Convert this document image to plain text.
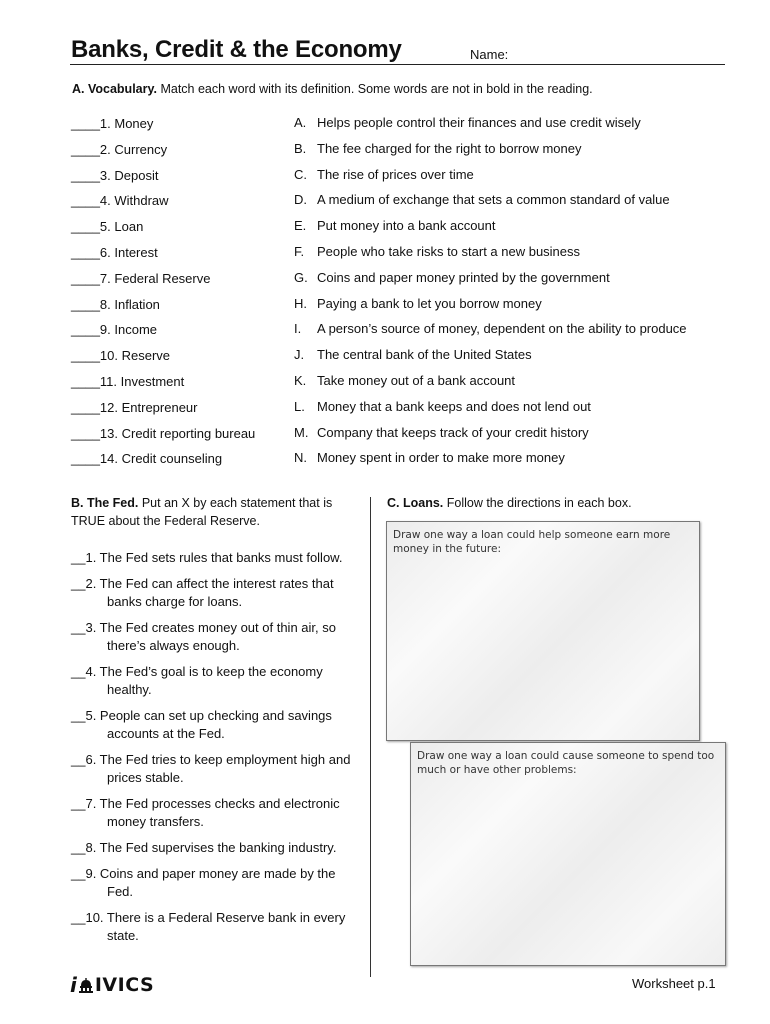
Banks, Credit & the Economy	Name:
A. Vocabulary. Match each word with its definition. Some words are not in bold in the reading.
____1. Money
____2. Currency
____3. Deposit
____4. Withdraw
____5. Loan
____6. Interest
____7. Federal Reserve
____8. Inflation
____9. Income
____10. Reserve
____11. Investment
____12. Entrepreneur
____13. Credit reporting bureau
____14. Credit counseling
A. Helps people control their finances and use credit wisely
B. The fee charged for the right to borrow money
C. The rise of prices over time
D. A medium of exchange that sets a common standard of value
E. Put money into a bank account
F. People who take risks to start a new business
G. Coins and paper money printed by the government
H. Paying a bank to let you borrow money
I. A person’s source of money, dependent on the ability to produce
J. The central bank of the United States
K. Take money out of a bank account
L. Money that a bank keeps and does not lend out
M. Company that keeps track of your credit history
N. Money spent in order to make more money
B. The Fed. Put an X by each statement that is TRUE about the Federal Reserve.
__1. The Fed sets rules that banks must follow.
__2. The Fed can affect the interest rates that banks charge for loans.
__3. The Fed creates money out of thin air, so there’s always enough.
__4. The Fed’s goal is to keep the economy healthy.
__5. People can set up checking and savings accounts at the Fed.
__6. The Fed tries to keep employment high and prices stable.
__7. The Fed processes checks and electronic money transfers.
__8. The Fed supervises the banking industry.
__9. Coins and paper money are made by the Fed.
__10. There is a Federal Reserve bank in every state.
C. Loans. Follow the directions in each box.
Draw one way a loan could help someone earn more money in the future:
Draw one way a loan could cause someone to spend too much or have other problems:
i IVICS	Worksheet p.1
